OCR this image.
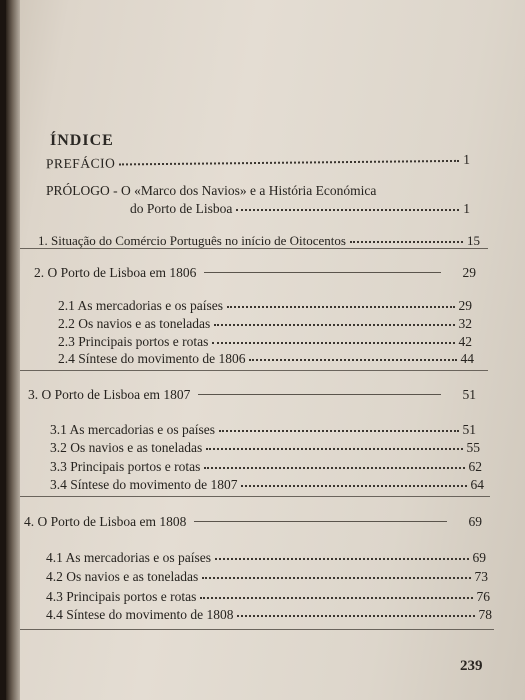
ÍNDICE
PREFÁCIO	1
PRÓLOGO - O «Marco dos Navios» e a História Económica
do Porto de Lisboa	1
1. Situação do Comércio Português no início de Oitocentos	15
2. O Porto de Lisboa em 1806	29
2.1 As mercadorias e os países	29
2.2 Os navios e as toneladas	32
2.3 Principais portos e rotas	42
2.4 Síntese do movimento de 1806	44
3. O Porto de Lisboa em 1807	51
3.1 As mercadorias e os países	51
3.2 Os navios e as toneladas	55
3.3 Principais portos e rotas	62
3.4 Síntese do movimento de 1807	64
4. O Porto de Lisboa em 1808	69
4.1 As mercadorias e os países	69
4.2 Os navios e as toneladas	73
4.3 Principais portos e rotas	76
4.4 Síntese do movimento de 1808	78
239
